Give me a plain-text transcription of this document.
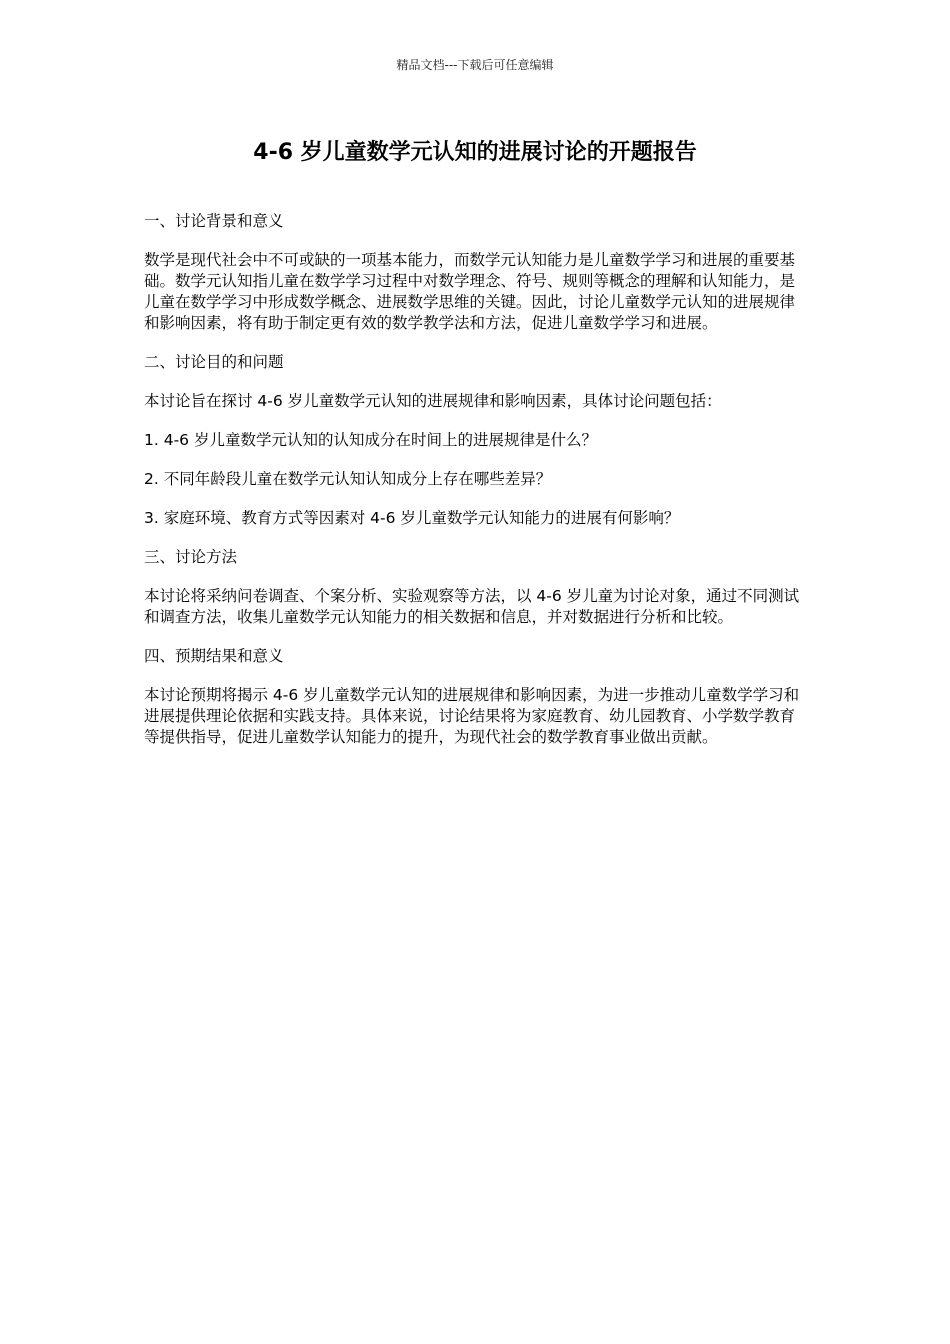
精品文档---下载后可任意编辑
4-6 岁儿童数学元认知的进展讨论的开题报告

一、讨论背景和意义

数学是现代社会中不可或缺的一项基本能力，而数学元认知能力是儿童数学学习和进展的重要基础。数学元认知指儿童在数学学习过程中对数学理念、符号、规则等概念的理解和认知能力，是儿童在数学学习中形成数学概念、进展数学思维的关键。因此，讨论儿童数学元认知的进展规律和影响因素，将有助于制定更有效的数学教学法和方法，促进儿童数学学习和进展。

二、讨论目的和问题

本讨论旨在探讨 4-6 岁儿童数学元认知的进展规律和影响因素，具体讨论问题包括：

1. 4-6 岁儿童数学元认知的认知成分在时间上的进展规律是什么？

2. 不同年龄段儿童在数学元认知认知成分上存在哪些差异？

3. 家庭环境、教育方式等因素对 4-6 岁儿童数学元认知能力的进展有何影响？

三、讨论方法

本讨论将采纳问卷调查、个案分析、实验观察等方法，以 4-6 岁儿童为讨论对象，通过不同测试和调查方法，收集儿童数学元认知能力的相关数据和信息，并对数据进行分析和比较。

四、预期结果和意义

本讨论预期将揭示 4-6 岁儿童数学元认知的进展规律和影响因素，为进一步推动儿童数学学习和进展提供理论依据和实践支持。具体来说，讨论结果将为家庭教育、幼儿园教育、小学数学教育等提供指导，促进儿童数学认知能力的提升，为现代社会的数学教育事业做出贡献。
